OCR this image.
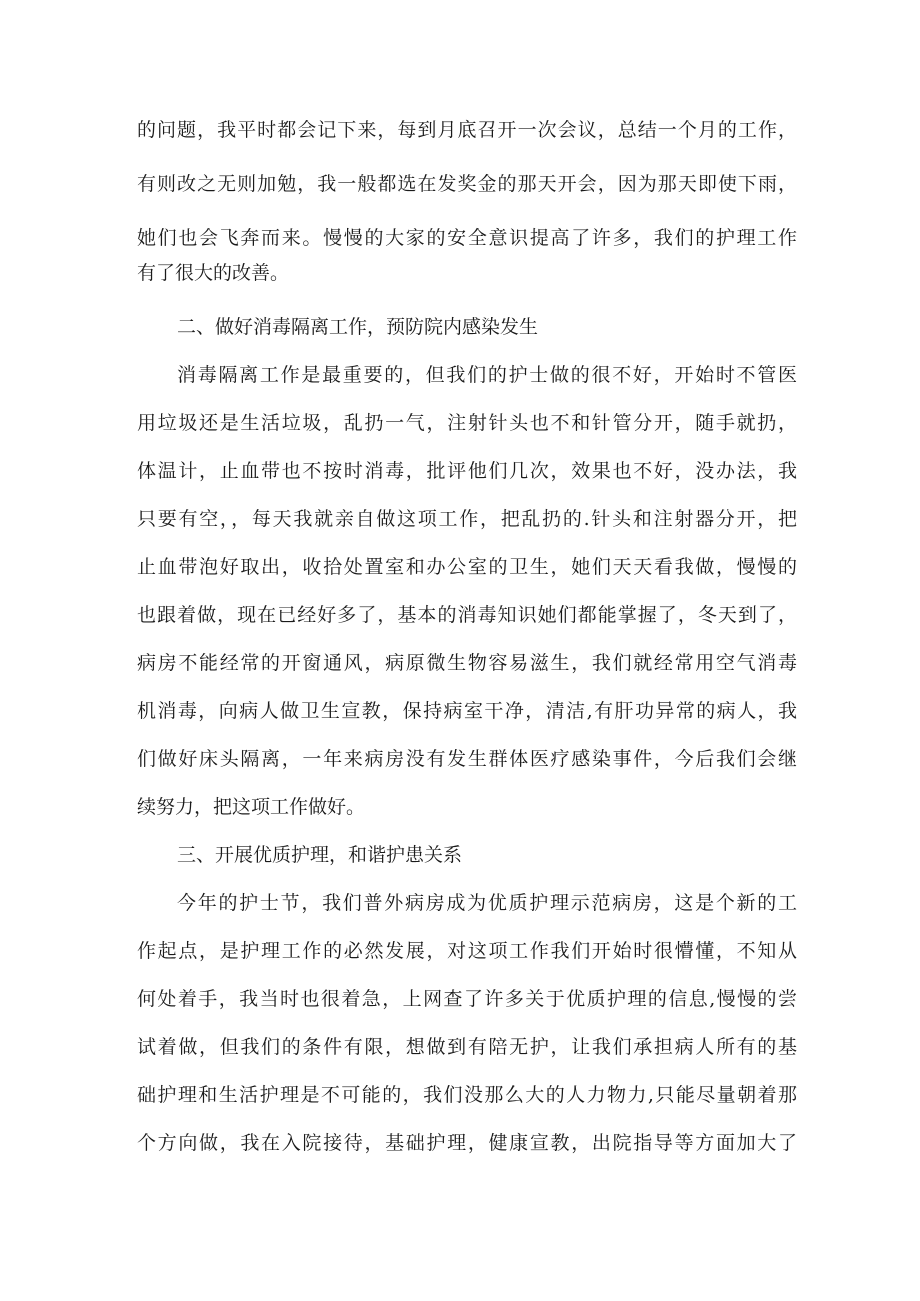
的问题，我平时都会记下来，每到月底召开一次会议，总结一个月的工作，

有则改之无则加勉，我一般都选在发奖金的那天开会，因为那天即使下雨，

她们也会飞奔而来。慢慢的大家的安全意识提高了许多，我们的护理工作

有了很大的改善。

二、做好消毒隔离工作，预防院内感染发生

消毒隔离工作是最重要的，但我们的护士做的很不好，开始时不管医

用垃圾还是生活垃圾，乱扔一气，注射针头也不和针管分开，随手就扔，

体温计，止血带也不按时消毒，批评他们几次，效果也不好，没办法，我

只要有空，，每天我就亲自做这项工作，把乱扔的.针头和注射器分开，把

止血带泡好取出，收拾处置室和办公室的卫生，她们天天看我做，慢慢的

也跟着做，现在已经好多了，基本的消毒知识她们都能掌握了，冬天到了，

病房不能经常的开窗通风，病原微生物容易滋生，我们就经常用空气消毒

机消毒，向病人做卫生宣教，保持病室干净，清洁,有肝功异常的病人，我

们做好床头隔离，一年来病房没有发生群体医疗感染事件，今后我们会继

续努力，把这项工作做好。

三、开展优质护理，和谐护患关系

今年的护士节，我们普外病房成为优质护理示范病房，这是个新的工

作起点，是护理工作的必然发展，对这项工作我们开始时很懵懂，不知从

何处着手，我当时也很着急，上网查了许多关于优质护理的信息,慢慢的尝

试着做，但我们的条件有限，想做到有陪无护，让我们承担病人所有的基

础护理和生活护理是不可能的，我们没那么大的人力物力,只能尽量朝着那

个方向做，我在入院接待，基础护理，健康宣教，出院指导等方面加大了
